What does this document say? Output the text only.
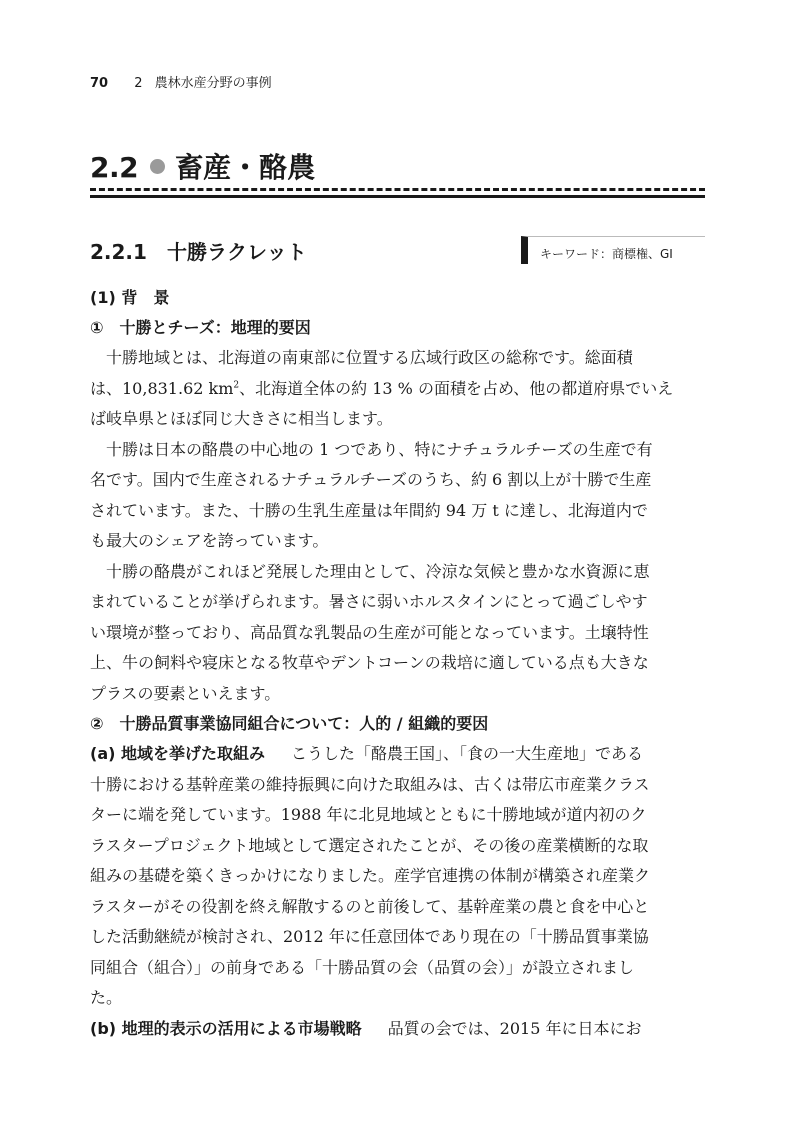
70 2 農林水産分野の事例
2.2 畜産・酪農
2.2.1 十勝ラクレット	キーワード：商標権、GI
(1) 背　景
① 十勝とチーズ：地理的要因
十勝地域とは、北海道の南東部に位置する広域行政区の総称です。総面積
は、10,831.62 $km^2$、北海道全体の約 13 % の面積を占め、他の都道府県でいえ
ば岐阜県とほぼ同じ大きさに相当します。
十勝は日本の酪農の中心地の 1 つであり、特にナチュラルチーズの生産で有
名です。国内で生産されるナチュラルチーズのうち、約 6 割以上が十勝で生産
されています。また、十勝の生乳生産量は年間約 94 万 t に達し、北海道内で
も最大のシェアを誇っています。
十勝の酪農がこれほど発展した理由として、冷涼な気候と豊かな水資源に恵
まれていることが挙げられます。暑さに弱いホルスタインにとって過ごしやす
い環境が整っており、高品質な乳製品の生産が可能となっています。土壌特性
上、牛の飼料や寝床となる牧草やデントコーンの栽培に適している点も大きな
プラスの要素といえます。
② 十勝品質事業協同組合について：人的 / 組織的要因
(a) 地域を挙げた取組み こうした「酪農王国」、「食の一大生産地」である
十勝における基幹産業の維持振興に向けた取組みは、古くは帯広市産業クラス
ターに端を発しています。1988 年に北見地域とともに十勝地域が道内初のク
ラスタープロジェクト地域として選定されたことが、その後の産業横断的な取
組みの基礎を築くきっかけになりました。産学官連携の体制が構築され産業ク
ラスターがその役割を終え解散するのと前後して、基幹産業の農と食を中心と
した活動継続が検討され、2012 年に任意団体であり現在の「十勝品質事業協
同組合（組合）」の前身である「十勝品質の会（品質の会）」が設立されまし
た。
(b) 地理的表示の活用による市場戦略 品質の会では、2015 年に日本にお
